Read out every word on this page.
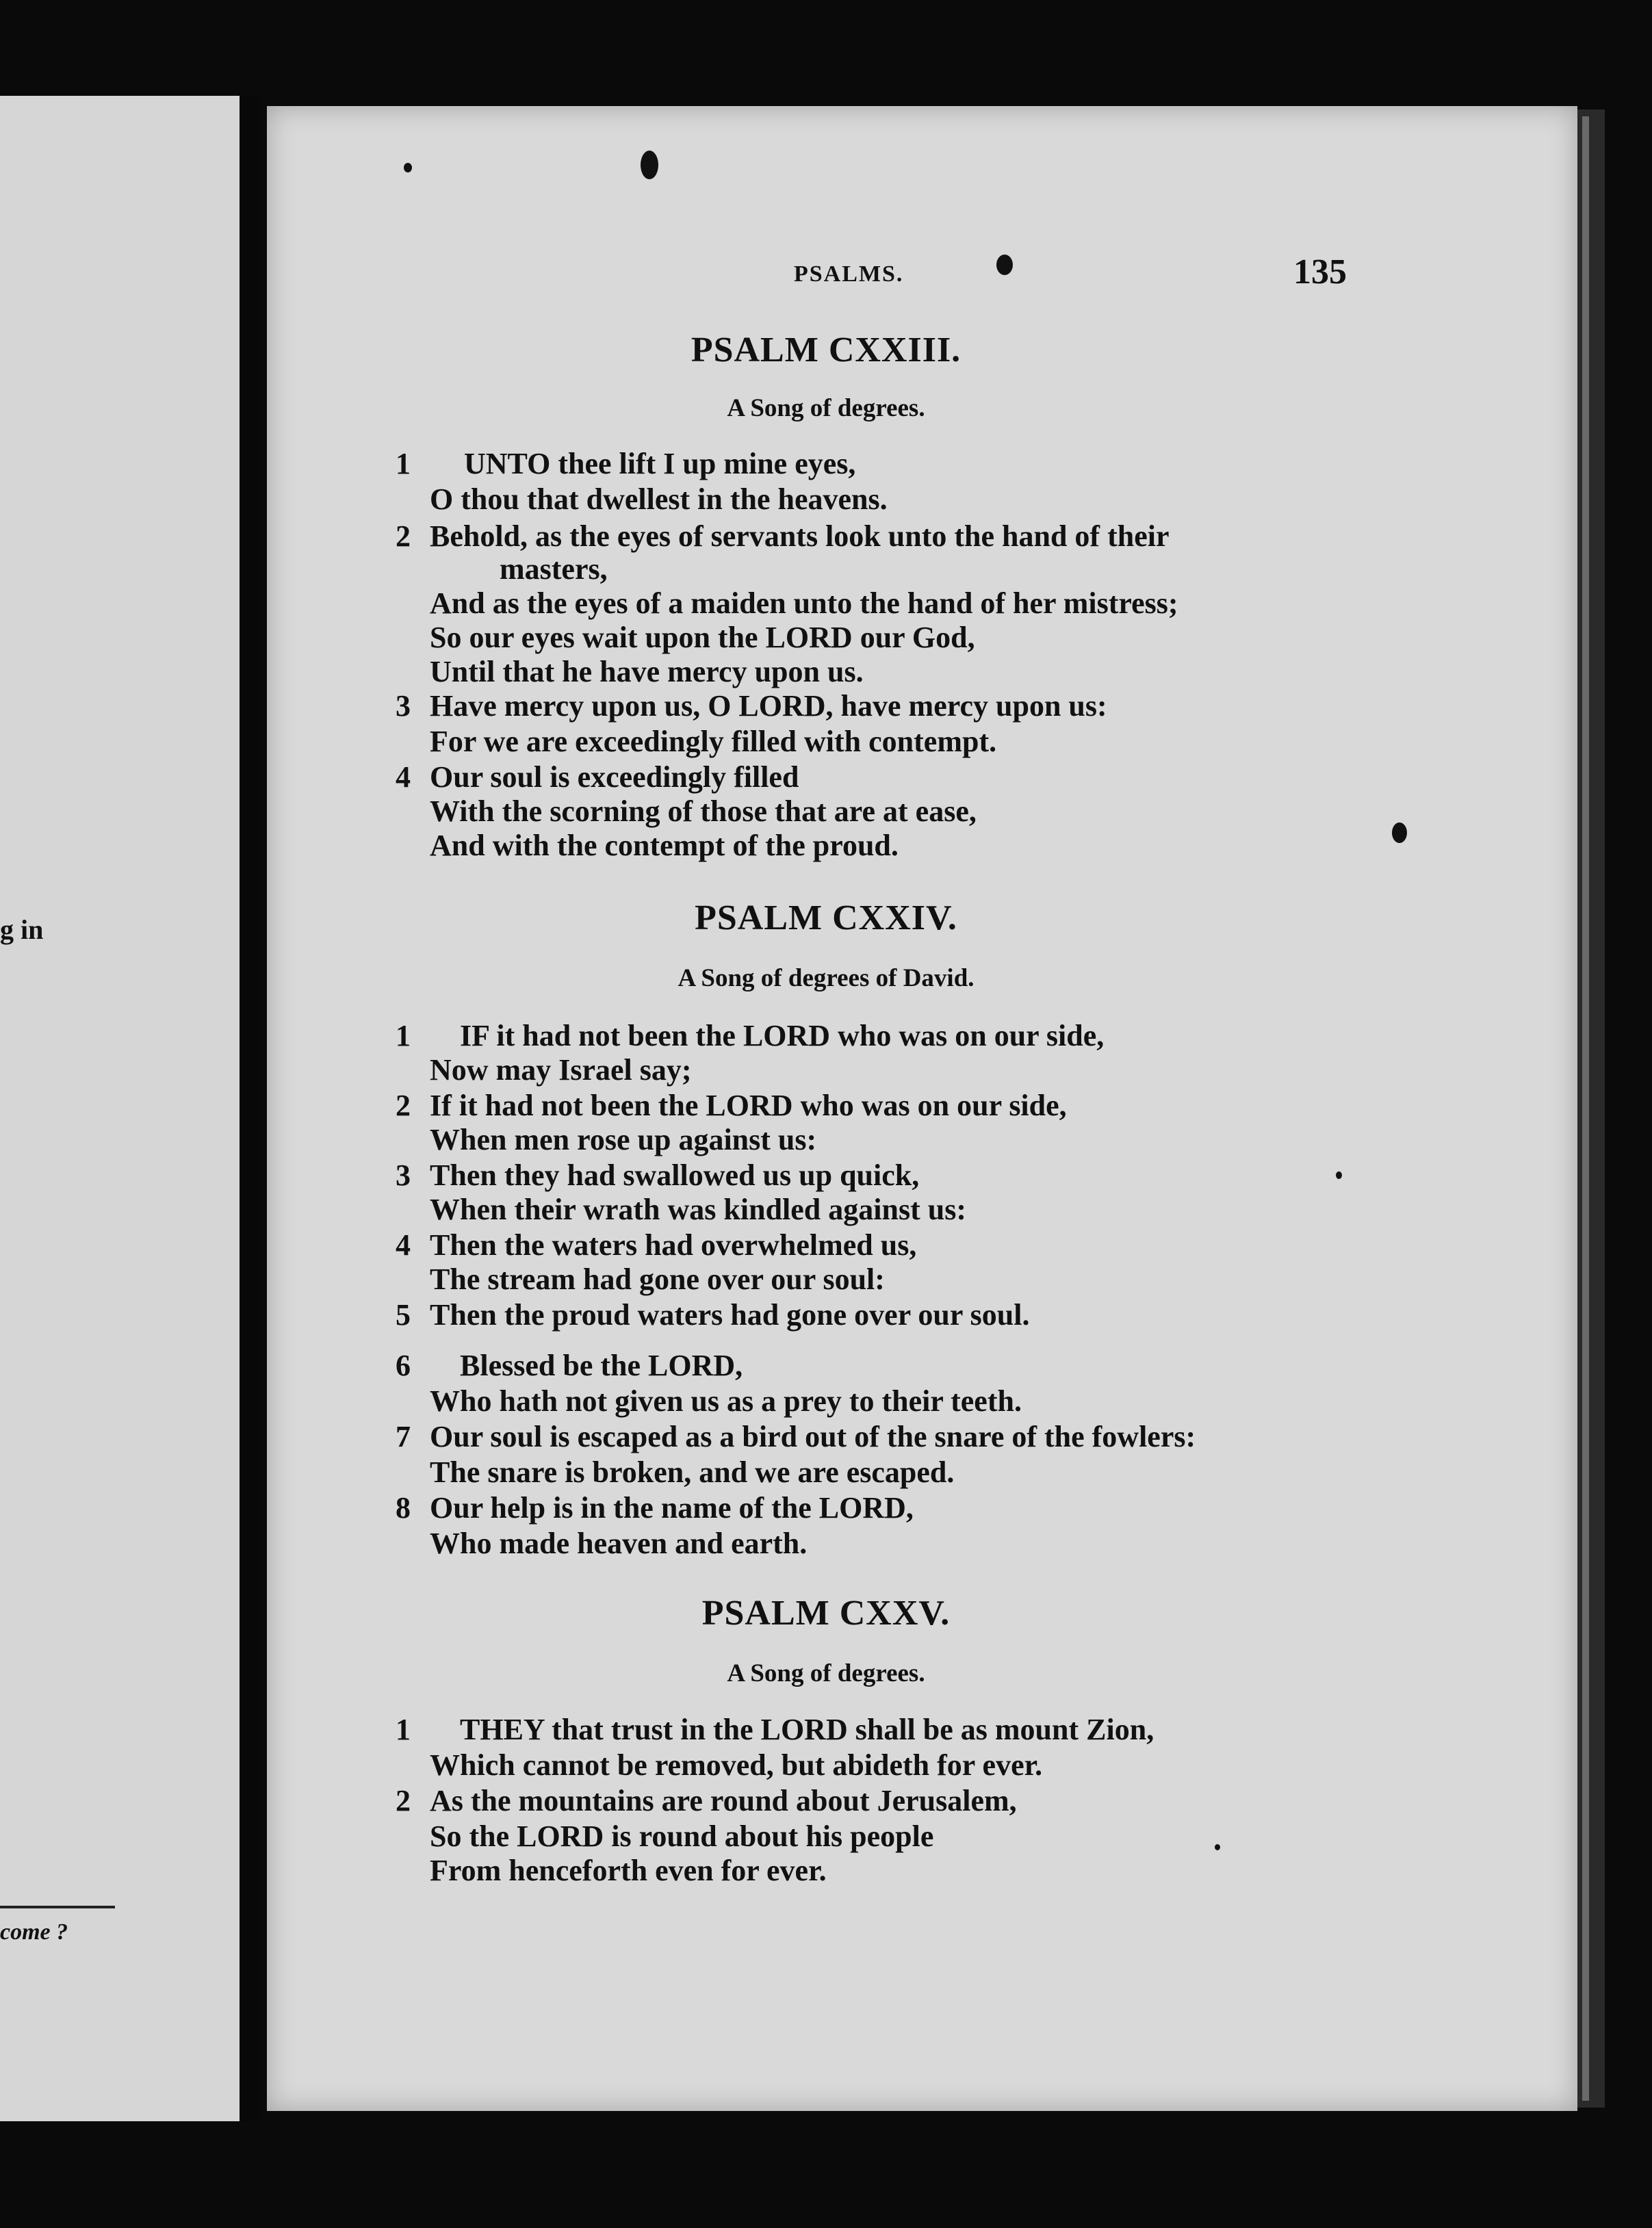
g in
come ?
PSALMS.	135
PSALM CXXIII.
A Song of degrees.
1 UNTO thee lift I up mine eyes,
O thou that dwellest in the heavens.
2 Behold, as the eyes of servants look unto the hand of their
masters,
And as the eyes of a maiden unto the hand of her mistress;
So our eyes wait upon the LORD our God,
Until that he have mercy upon us.
3 Have mercy upon us, O LORD, have mercy upon us:
For we are exceedingly filled with contempt.
4 Our soul is exceedingly filled
With the scorning of those that are at ease,
And with the contempt of the proud.
PSALM CXXIV.
A Song of degrees of David.
1 IF it had not been the LORD who was on our side,
Now may Israel say;
2 If it had not been the LORD who was on our side,
When men rose up against us:
3 Then they had swallowed us up quick,
When their wrath was kindled against us:
4 Then the waters had overwhelmed us,
The stream had gone over our soul:
5 Then the proud waters had gone over our soul.
6 Blessed be the LORD,
Who hath not given us as a prey to their teeth.
7 Our soul is escaped as a bird out of the snare of the fowlers:
The snare is broken, and we are escaped.
8 Our help is in the name of the LORD,
Who made heaven and earth.
PSALM CXXV.
A Song of degrees.
1 THEY that trust in the LORD shall be as mount Zion,
Which cannot be removed, but abideth for ever.
2 As the mountains are round about Jerusalem,
So the LORD is round about his people
From henceforth even for ever.
